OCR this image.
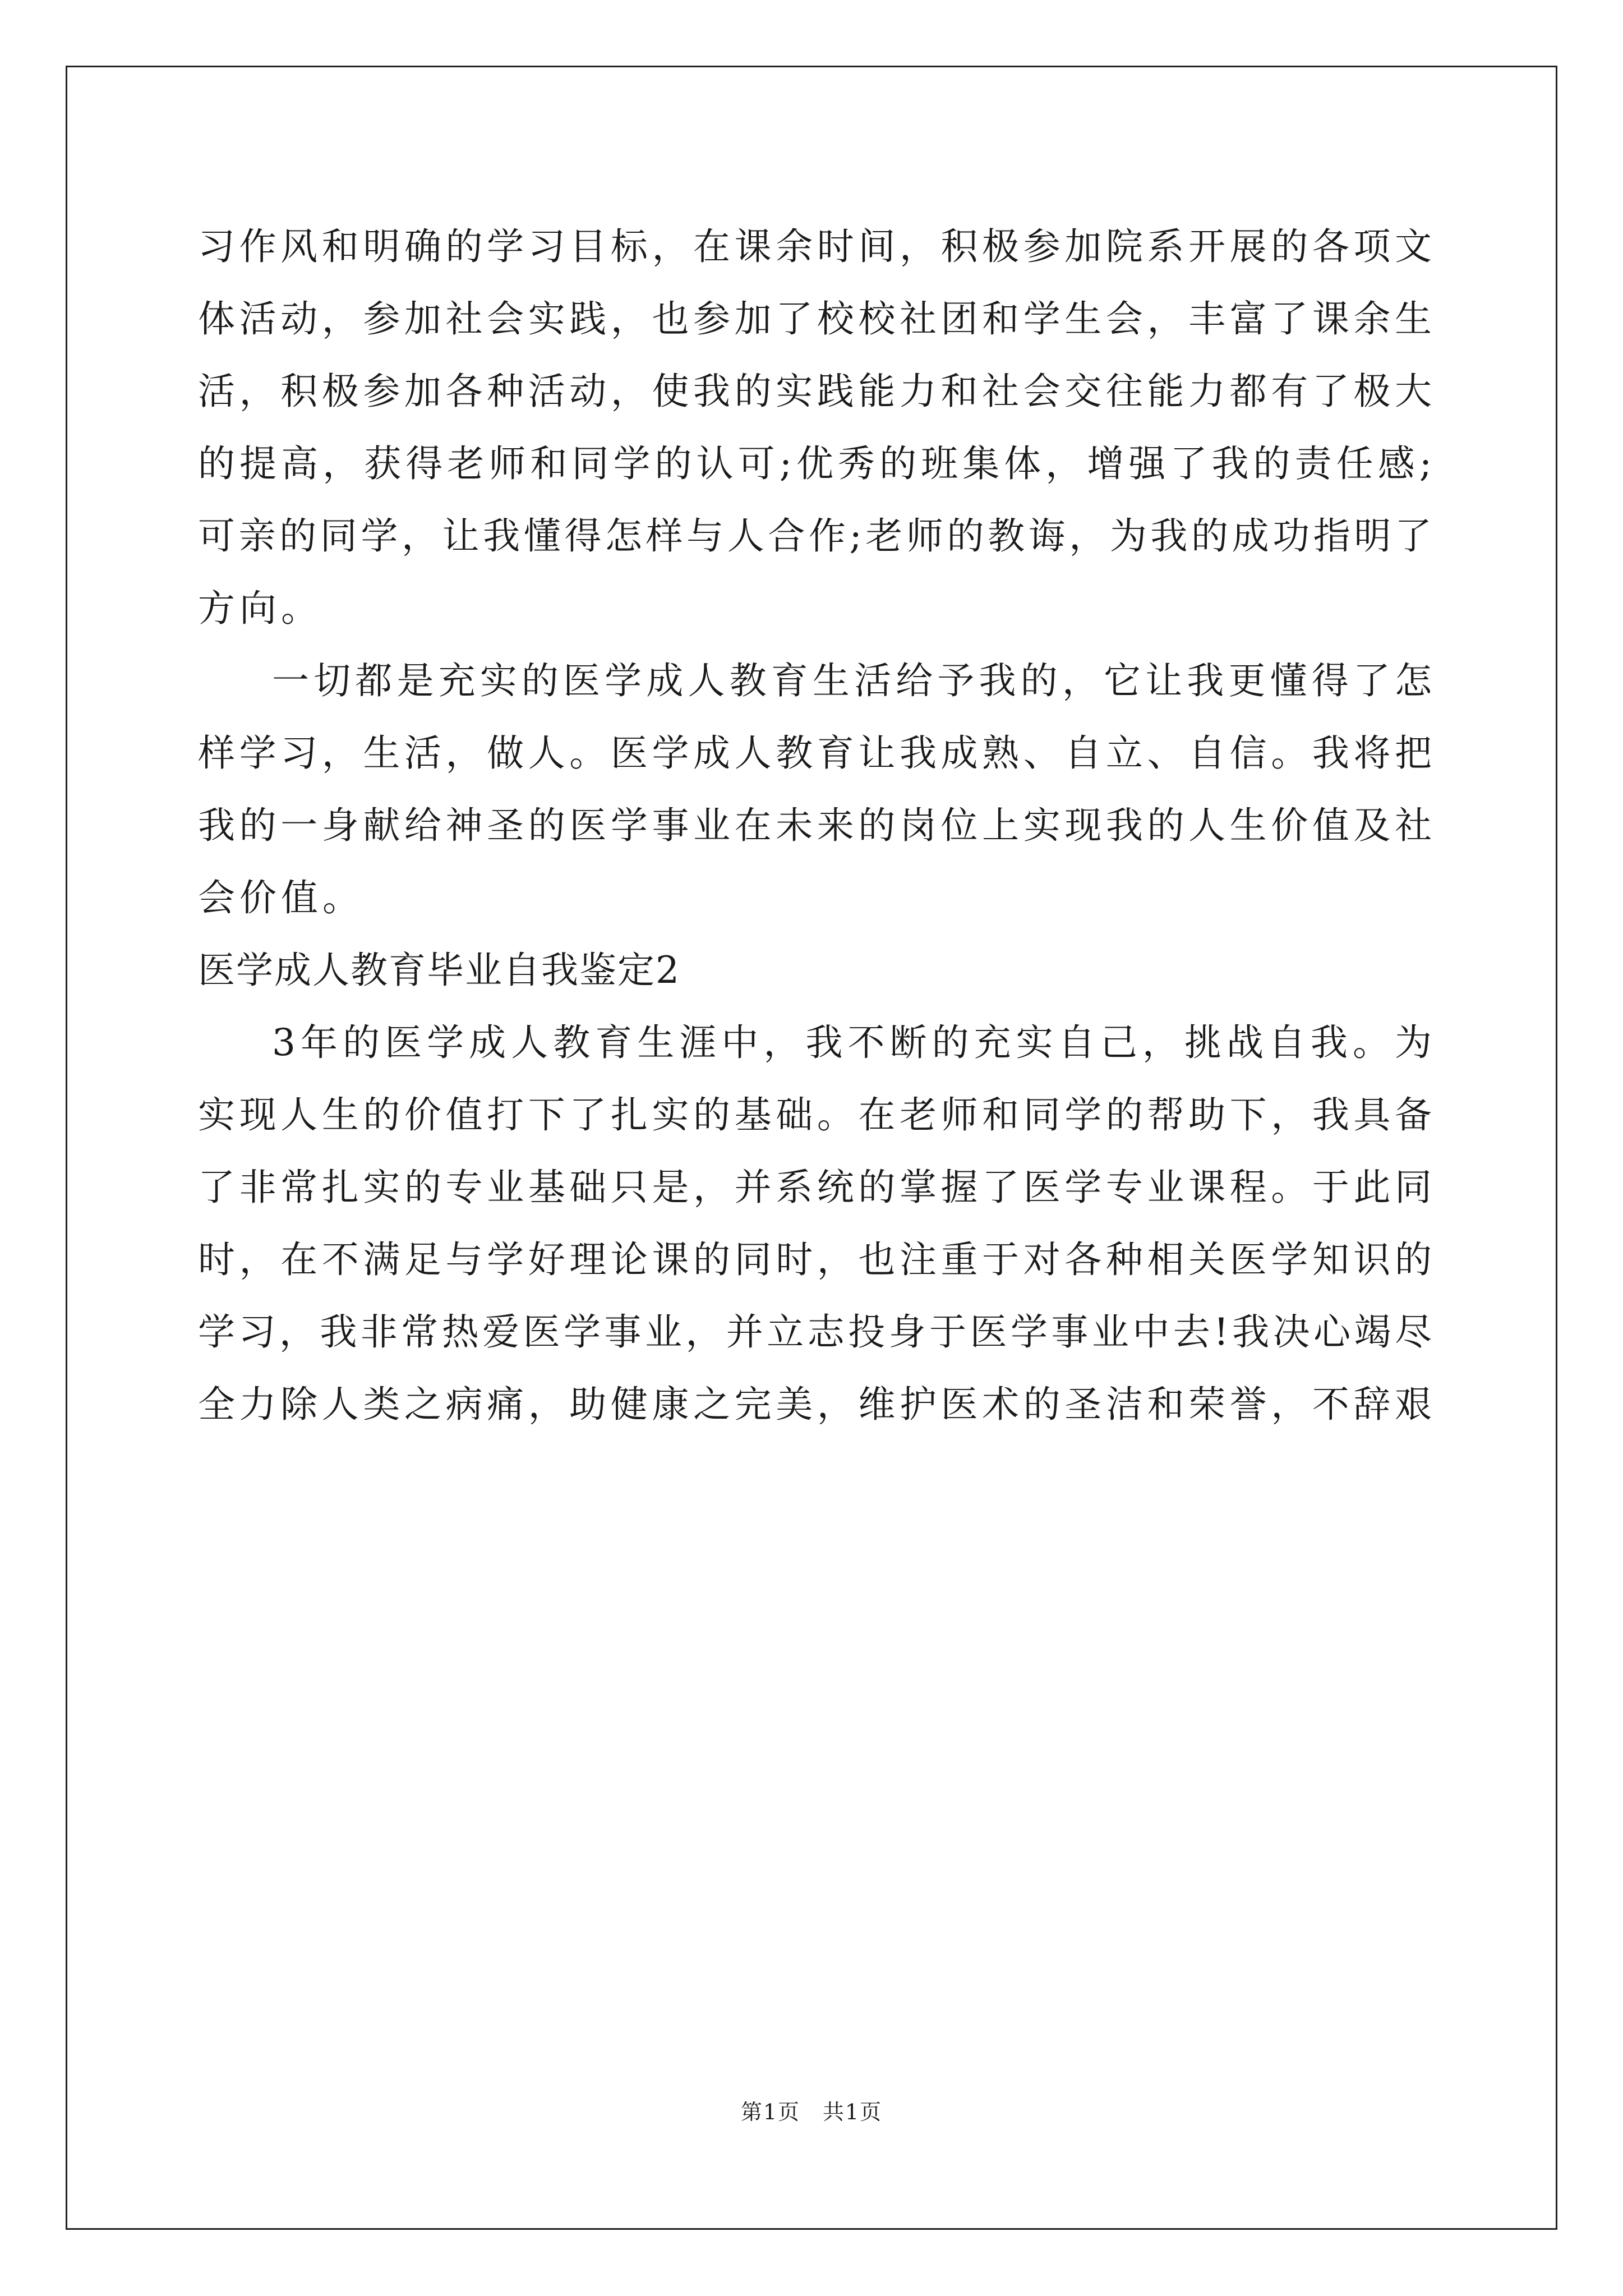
习作风和明确的学习目标，在课余时间，积极参加院系开展的各项文
体活动，参加社会实践，也参加了校校社团和学生会，丰富了课余生
活，积极参加各种活动，使我的实践能力和社会交往能力都有了极大
的提高，获得老师和同学的认可;优秀的班集体，增强了我的责任感;
可亲的同学，让我懂得怎样与人合作;老师的教诲，为我的成功指明了
方向。
一切都是充实的医学成人教育生活给予我的，它让我更懂得了怎
样学习，生活，做人。医学成人教育让我成熟、自立、自信。我将把
我的一身献给神圣的医学事业在未来的岗位上实现我的人生价值及社
会价值。
医学成人教育毕业自我鉴定2
3年的医学成人教育生涯中，我不断的充实自己，挑战自我。为
实现人生的价值打下了扎实的基础。在老师和同学的帮助下，我具备
了非常扎实的专业基础只是，并系统的掌握了医学专业课程。于此同
时，在不满足与学好理论课的同时，也注重于对各种相关医学知识的
学习，我非常热爱医学事业，并立志投身于医学事业中去!我决心竭尽
全力除人类之病痛，助健康之完美，维护医术的圣洁和荣誉，不辞艰
第1页　共1页
